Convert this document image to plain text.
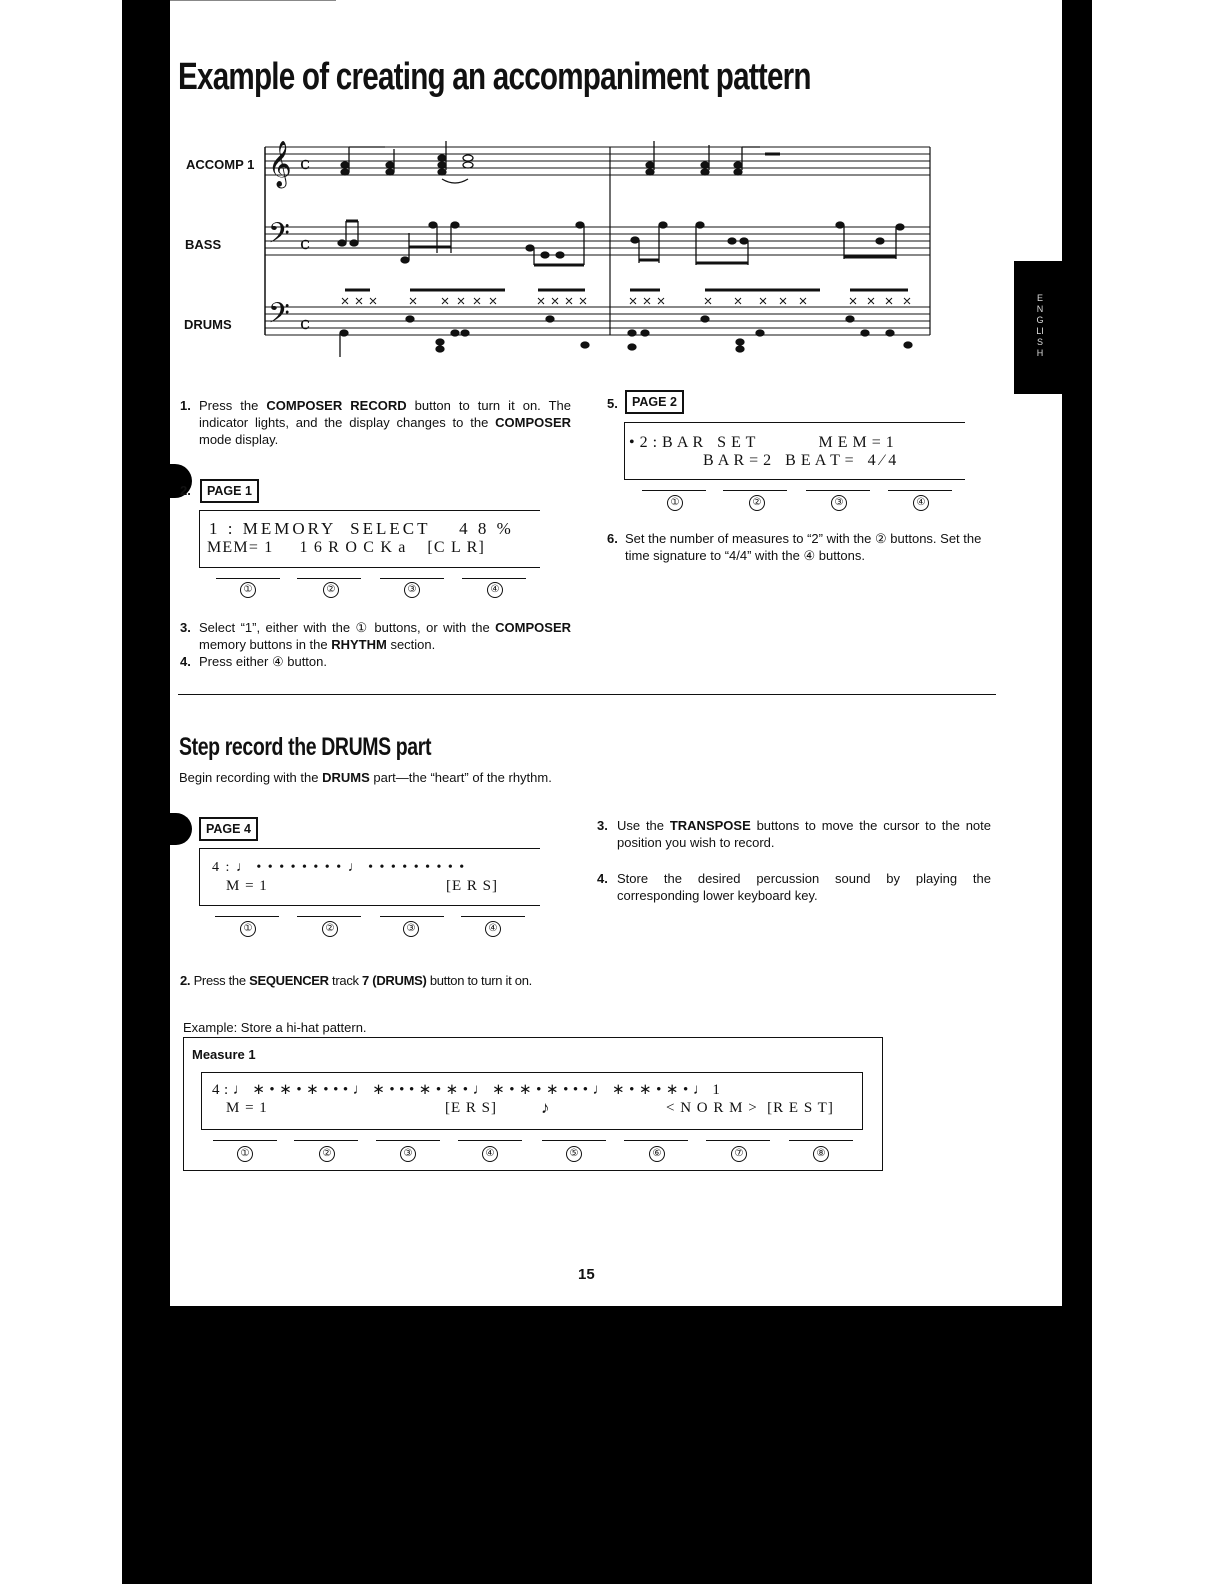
ENGLISH
Example of creating an accompaniment pattern
ACCOMP 1
BASS
DRUMS
𝄞
𝄢
𝄢
c
c
c
1. Press the COMPOSER RECORD button to turn it on. The indicator lights, and the display changes to the COMPOSER mode display.
2.	PAGE 1
1 : MEMORY  SELECT    4 8 %
MEM= 1     1 6 R O C K a    [C L R]
①	②	③	④
3. Select “1”, either with the ① buttons, or with the COMPOSER memory buttons in the RHYTHM section.
4. Press either ④ button.
5.	PAGE 2
• 2 : B A R   S E T              M E M = 1
B A R = 2   B E A T =   4 ∕ 4
①	②	③	④
6. Set the number of measures to “2” with the ② buttons. Set the time signature to “4/4” with the ④ buttons.
Step record the DRUMS part
Begin recording with the DRUMS part—the “heart” of the rhythm.
PAGE 4
4 : ♩ • • • • • • • • ♩ • • • • • • • • •
M = 1	[E R S]
①	②	③	④
2. Press the SEQUENCER track 7 (DRUMS) button to turn it on.
3. Use the TRANSPOSE buttons to move the cursor to the note position you wish to record.
4. Store the desired percussion sound by playing the corresponding lower keyboard key.
Example: Store a hi-hat pattern.
Measure 1
4 : ♩ ∗ • ∗ • ∗ • • • ♩ ∗ • • • ∗ • ∗ • ♩ ∗ • ∗ • ∗ • • • ♩ ∗ • ∗ • ∗ • ♩ 1
M = 1	[E R S]	♪	< N O R M >  [R E S T]
①	②	③	④	⑤	⑥	⑦	⑧
15
